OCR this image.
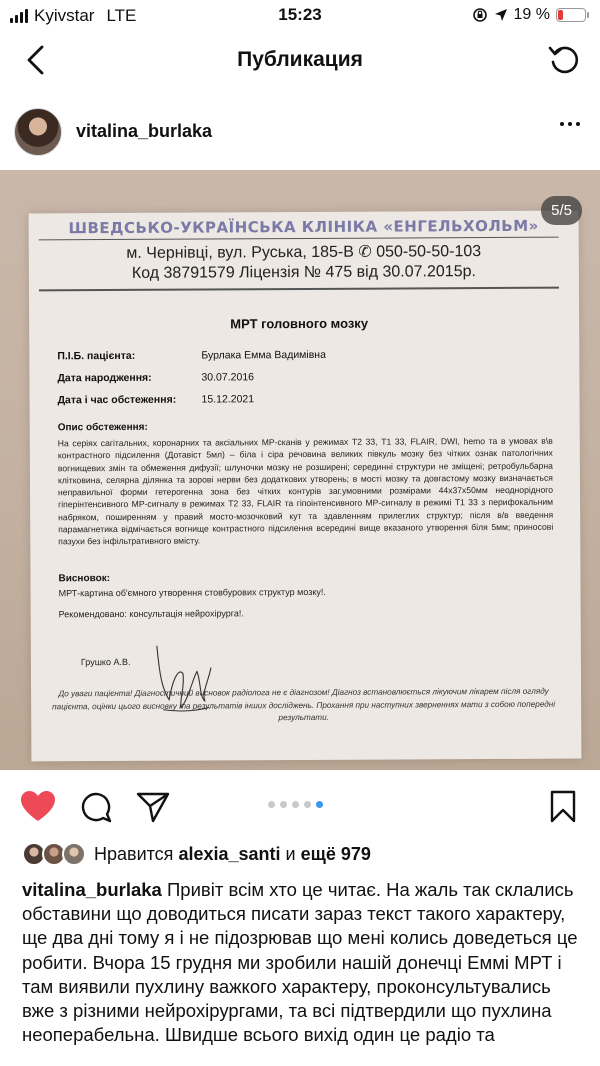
Kyivstar LTE	15:23	19 %
Публикация
vitalina_burlaka
ШВЕДСЬКО-УКРАЇНСЬКА КЛІНІКА «ЕНГЕЛЬХОЛЬМ»
м. Чернівці, вул. Руська, 185-В ✆ 050-50-50-103
Код 38791579 Ліцензія № 475 від 30.07.2015р.
МРТ головного мозку
П.І.Б. пацієнта:	Бурлака Емма Вадимівна
Дата народження:	30.07.2016
Дата і час обстеження: 15.12.2021
Опис обстеження:
На серіях сагітальних, коронарних та аксіальних МР-сканів у режимах Т2 33, Т1 33, FLAIR, DWI, hemo та в умовах в\в контрастного підсилення (Дотавіст 5мл) – біла і сіра речовина великих півкуль мозку без чітких ознак патологічних вогнищевих змін та обмеження дифузії; шлуночки мозку не розширені; серединні структури не зміщені; ретробульбарна клітковина, селярна ділянка та зорові нерви без додаткових утворень; в мості мозку та довгастому мозку визначається неправильної форми гетерогенна зона без чітких контурів заг.умовними розмірами 44х37х50мм неоднорідного гіперінтенсивного МР-сигналу в режимах Т2 33, FLAIR та гіпоінтенсивного МР-сигналу в режимі Т1 33 з перифокальним набряком, поширенням у правий мосто-мозочковий кут та здавленням прилеглих структур; після в/в введення парамагнетика відмічається вогнище контрастного підсилення всередині вище вказаного утворення біля 5мм; приносові пазухи без інфільтративного вмісту.
Висновок:
МРТ-картина об'ємного утворення стовбурових структур мозку!.
Рекомендовано: консультація нейрохірурга!.
Грушко А.В.
До уваги пацієнта! Діагностичний висновок радіолога не є діагнозом! Діагноз встановлюється лікуючим лікарем після огляду пацієнта, оцінки цього висновку та результатів інших досліджень. Прохання при наступних зверненнях мати з собою попередні результати.
5/5
Нравится alexia_santi и ещё 979
vitalina_burlaka Привіт всім хто це читає. На жаль так склались обставини що доводиться писати зараз текст такого характеру, ще два дні тому я і не підозрював що мені колись доведеться це робити. Вчора 15 грудня ми зробили нашій донечці Еммі МРТ і там виявили пухлину важкого характеру, проконсультувались вже з різними нейрохірургами, та всі підтвердили що пухлина неоперабельна. Швидше всього вихід один це радіо та
